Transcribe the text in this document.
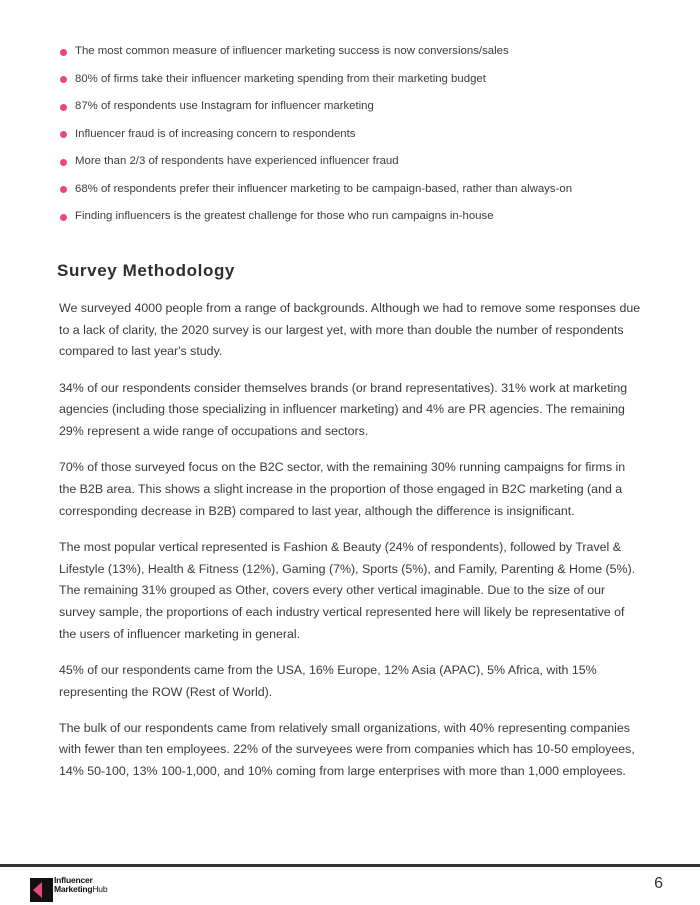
The most common measure of influencer marketing success is now conversions/sales
80% of firms take their influencer marketing spending from their marketing budget
87% of respondents use Instagram for influencer marketing
Influencer fraud is of increasing concern to respondents
More than 2/3 of respondents have experienced influencer fraud
68% of respondents prefer their influencer marketing to be campaign-based, rather than always-on
Finding influencers is the greatest challenge for those who run campaigns in-house
Survey Methodology

We surveyed 4000 people from a range of backgrounds. Although we had to remove some responses due to a lack of clarity, the 2020 survey is our largest yet, with more than double the number of respondents compared to last year's study.

34% of our respondents consider themselves brands (or brand representatives). 31% work at marketing agencies (including those specializing in influencer marketing) and 4% are PR agencies. The remaining 29% represent a wide range of occupations and sectors.

70% of those surveyed focus on the B2C sector, with the remaining 30% running campaigns for firms in the B2B area. This shows a slight increase in the proportion of those engaged in B2C marketing (and a corresponding decrease in B2B) compared to last year, although the difference is insignificant.

The most popular vertical represented is Fashion & Beauty (24% of respondents), followed by Travel & Lifestyle (13%), Health & Fitness (12%), Gaming (7%), Sports (5%), and Family, Parenting & Home (5%). The remaining 31% grouped as Other, covers every other vertical imaginable. Due to the size of our survey sample, the proportions of each industry vertical represented here will likely be representative of the users of influencer marketing in general.

45% of our respondents came from the USA, 16% Europe, 12% Asia (APAC), 5% Africa, with 15% representing the ROW (Rest of World).

The bulk of our respondents came from relatively small organizations, with 40% representing companies with fewer than ten employees. 22% of the surveyees were from companies which has 10-50 employees, 14% 50-100, 13% 100-1,000, and 10% coming from large enterprises with more than 1,000 employees.

Influencer
MarketingHub	6
